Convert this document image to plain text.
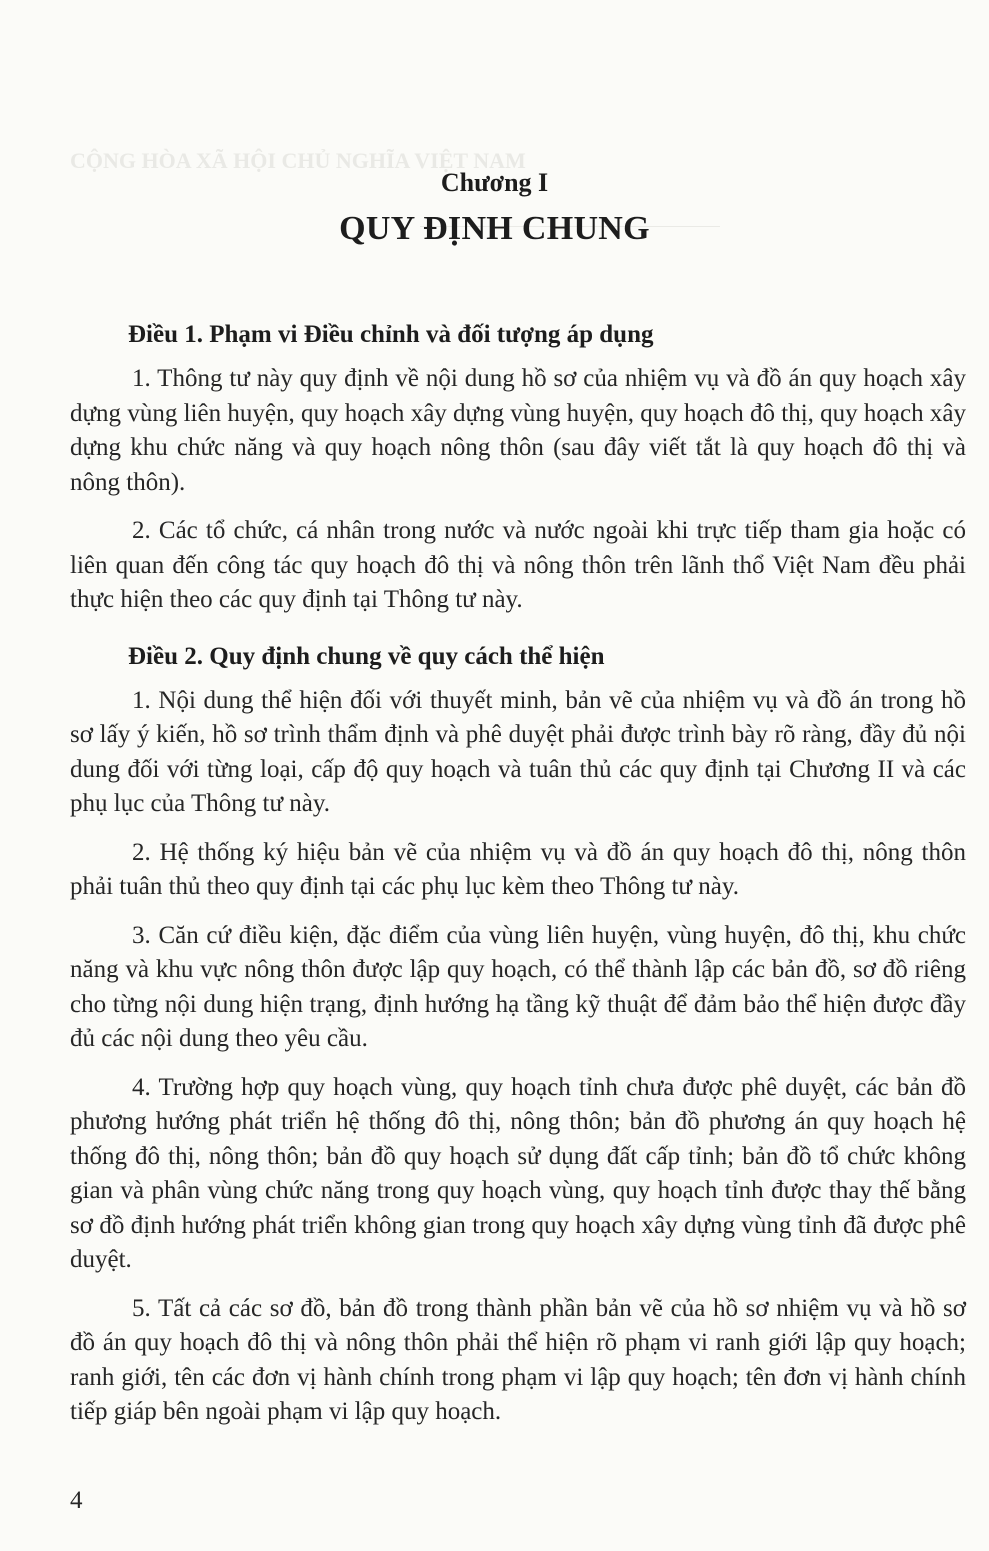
CỘNG HÒA XÃ HỘI CHỦ NGHĨA VIỆT NAM
Chương I
QUY ĐỊNH CHUNG

Điều 1. Phạm vi Điều chỉnh và đối tượng áp dụng

1. Thông tư này quy định về nội dung hồ sơ của nhiệm vụ và đồ án quy hoạch xây dựng vùng liên huyện, quy hoạch xây dựng vùng huyện, quy hoạch đô thị, quy hoạch xây dựng khu chức năng và quy hoạch nông thôn (sau đây viết tắt là quy hoạch đô thị và nông thôn).

2. Các tổ chức, cá nhân trong nước và nước ngoài khi trực tiếp tham gia hoặc có liên quan đến công tác quy hoạch đô thị và nông thôn trên lãnh thổ Việt Nam đều phải thực hiện theo các quy định tại Thông tư này.

Điều 2. Quy định chung về quy cách thể hiện

1. Nội dung thể hiện đối với thuyết minh, bản vẽ của nhiệm vụ và đồ án trong hồ sơ lấy ý kiến, hồ sơ trình thẩm định và phê duyệt phải được trình bày rõ ràng, đầy đủ nội dung đối với từng loại, cấp độ quy hoạch và tuân thủ các quy định tại Chương II và các phụ lục của Thông tư này.

2. Hệ thống ký hiệu bản vẽ của nhiệm vụ và đồ án quy hoạch đô thị, nông thôn phải tuân thủ theo quy định tại các phụ lục kèm theo Thông tư này.

3. Căn cứ điều kiện, đặc điểm của vùng liên huyện, vùng huyện, đô thị, khu chức năng và khu vực nông thôn được lập quy hoạch, có thể thành lập các bản đồ, sơ đồ riêng cho từng nội dung hiện trạng, định hướng hạ tầng kỹ thuật để đảm bảo thể hiện được đầy đủ các nội dung theo yêu cầu.

4. Trường hợp quy hoạch vùng, quy hoạch tỉnh chưa được phê duyệt, các bản đồ phương hướng phát triển hệ thống đô thị, nông thôn; bản đồ phương án quy hoạch hệ thống đô thị, nông thôn; bản đồ quy hoạch sử dụng đất cấp tỉnh; bản đồ tổ chức không gian và phân vùng chức năng trong quy hoạch vùng, quy hoạch tỉnh được thay thế bằng sơ đồ định hướng phát triển không gian trong quy hoạch xây dựng vùng tỉnh đã được phê duyệt.

5. Tất cả các sơ đồ, bản đồ trong thành phần bản vẽ của hồ sơ nhiệm vụ và hồ sơ đồ án quy hoạch đô thị và nông thôn phải thể hiện rõ phạm vi ranh giới lập quy hoạch; ranh giới, tên các đơn vị hành chính trong phạm vi lập quy hoạch; tên đơn vị hành chính tiếp giáp bên ngoài phạm vi lập quy hoạch.

4
